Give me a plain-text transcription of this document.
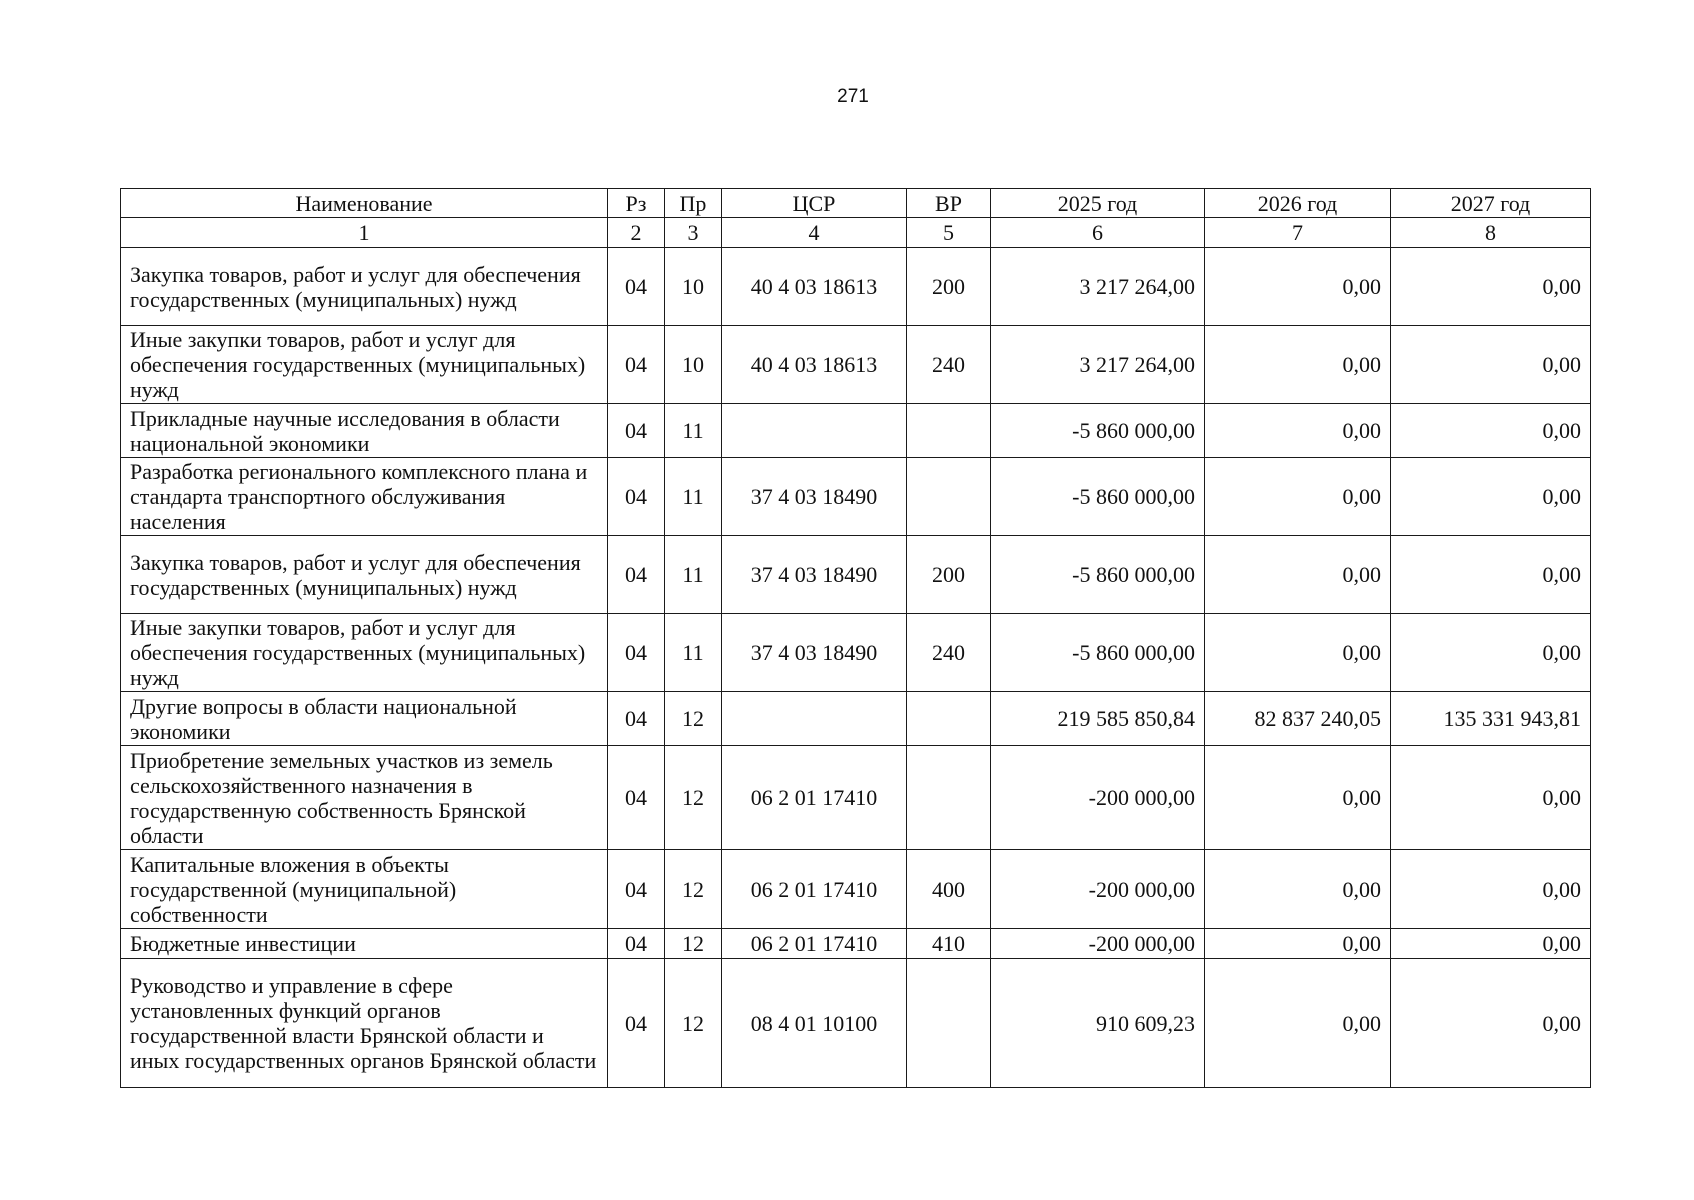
271
Наименование	Рз	Пр	ЦСР	ВР	2025 год	2026 год	2027 год
1	2	3	4	5	6	7	8
Закупка товаров, работ и услуг для обеспечения государственных (муниципальных) нужд	04	10	40 4 03 18613	200	3 217 264,00	0,00	0,00
Иные закупки товаров, работ и услуг для обеспечения государственных (муниципальных) нужд	04	10	40 4 03 18613	240	3 217 264,00	0,00	0,00
Прикладные научные исследования в области национальной экономики	04	11			-5 860 000,00	0,00	0,00
Разработка регионального комплексного плана и стандарта транспортного обслуживания населения	04	11	37 4 03 18490		-5 860 000,00	0,00	0,00
Закупка товаров, работ и услуг для обеспечения государственных (муниципальных) нужд	04	11	37 4 03 18490	200	-5 860 000,00	0,00	0,00
Иные закупки товаров, работ и услуг для обеспечения государственных (муниципальных) нужд	04	11	37 4 03 18490	240	-5 860 000,00	0,00	0,00
Другие вопросы в области национальной экономики	04	12			219 585 850,84	82 837 240,05	135 331 943,81
Приобретение земельных участков из земель сельскохозяйственного назначения в государственную собственность Брянской области	04	12	06 2 01 17410		-200 000,00	0,00	0,00
Капитальные вложения в объекты государственной (муниципальной) собственности	04	12	06 2 01 17410	400	-200 000,00	0,00	0,00
Бюджетные инвестиции	04	12	06 2 01 17410	410	-200 000,00	0,00	0,00
Руководство и управление в сфере установленных функций органов государственной власти Брянской области и иных государственных органов Брянской области	04	12	08 4 01 10100		910 609,23	0,00	0,00
